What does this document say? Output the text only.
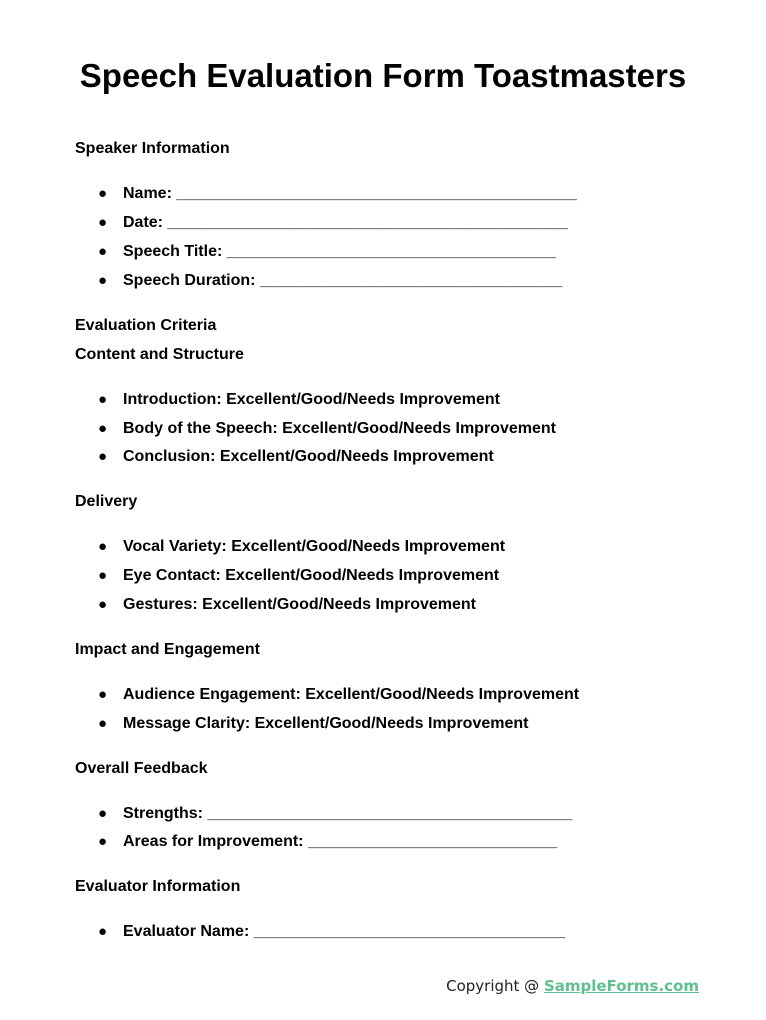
Speech Evaluation Form Toastmasters
Speaker Information
● Name: _____________________________________________
● Date: _____________________________________________
● Speech Title: _____________________________________
● Speech Duration: __________________________________
Evaluation Criteria
Content and Structure
● Introduction: Excellent/Good/Needs Improvement
● Body of the Speech: Excellent/Good/Needs Improvement
● Conclusion: Excellent/Good/Needs Improvement
Delivery
● Vocal Variety: Excellent/Good/Needs Improvement
● Eye Contact: Excellent/Good/Needs Improvement
● Gestures: Excellent/Good/Needs Improvement
Impact and Engagement
● Audience Engagement: Excellent/Good/Needs Improvement
● Message Clarity: Excellent/Good/Needs Improvement
Overall Feedback
● Strengths: _________________________________________
● Areas for Improvement: ____________________________
Evaluator Information
● Evaluator Name: ___________________________________
Copyright @ SampleForms.com
